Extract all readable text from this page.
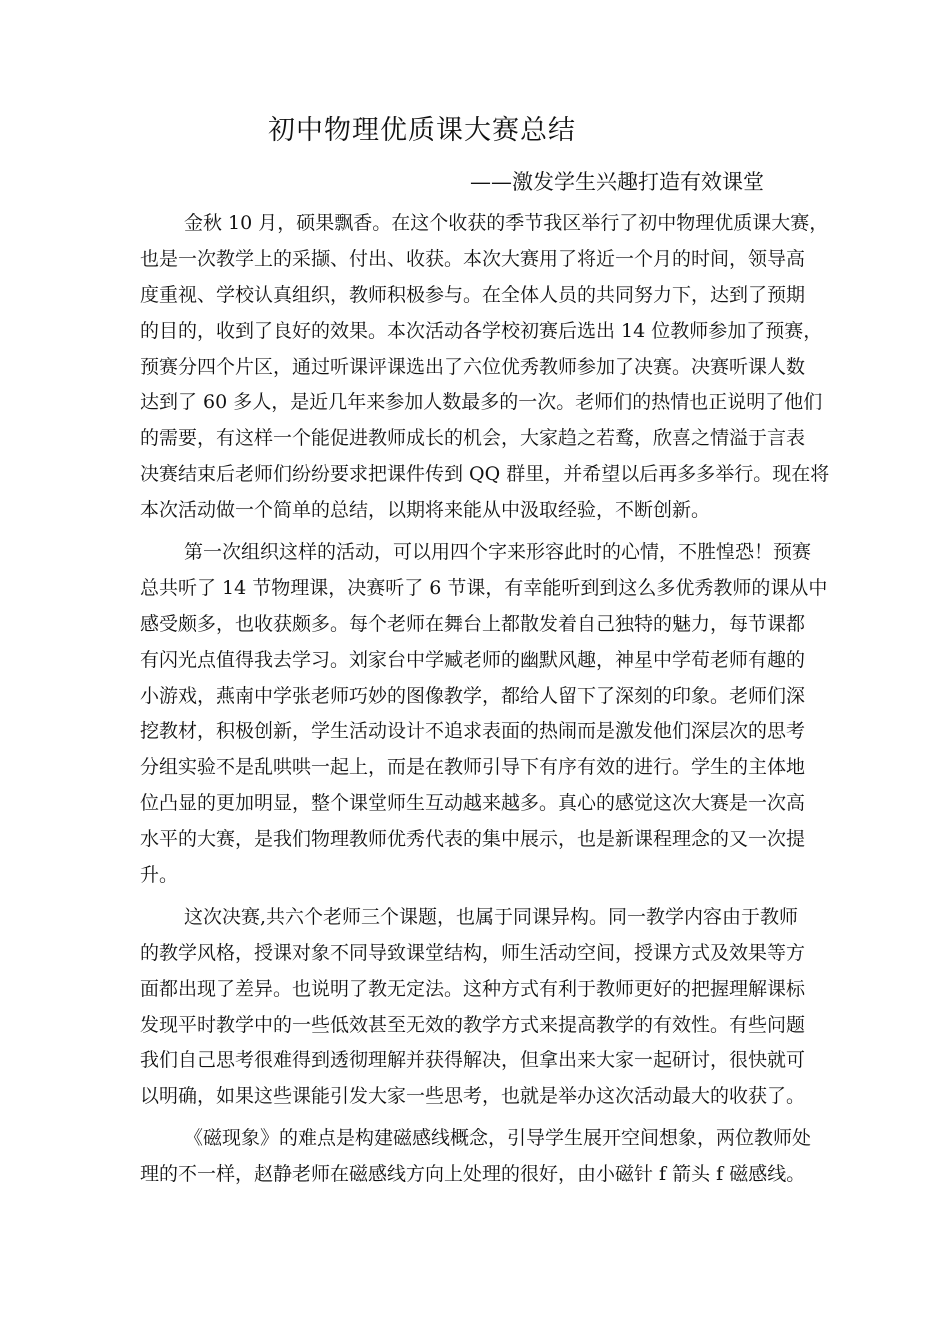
初中物理优质课大赛总结
——激发学生兴趣打造有效课堂
金秋 10 月，硕果飘香。在这个收获的季节我区举行了初中物理优质课大赛，
也是一次教学上的采撷、付出、收获。本次大赛用了将近一个月的时间，领导高
度重视、学校认真组织，教师积极参与。在全体人员的共同努力下，达到了预期
的目的，收到了良好的效果。本次活动各学校初赛后选出 14 位教师参加了预赛，
预赛分四个片区，通过听课评课选出了六位优秀教师参加了决赛。决赛听课人数
达到了 60 多人，是近几年来参加人数最多的一次。老师们的热情也正说明了他们
的需要，有这样一个能促进教师成长的机会，大家趋之若鹜，欣喜之情溢于言表
决赛结束后老师们纷纷要求把课件传到 QQ 群里，并希望以后再多多举行。现在将
本次活动做一个简单的总结，以期将来能从中汲取经验，不断创新。
第一次组织这样的活动，可以用四个字来形容此时的心情，不胜惶恐！预赛
总共听了 14 节物理课，决赛听了 6 节课，有幸能听到到这么多优秀教师的课从中
感受颇多，也收获颇多。每个老师在舞台上都散发着自己独特的魅力，每节课都
有闪光点值得我去学习。刘家台中学臧老师的幽默风趣，神星中学荀老师有趣的
小游戏，燕南中学张老师巧妙的图像教学，都给人留下了深刻的印象。老师们深
挖教材，积极创新，学生活动设计不追求表面的热闹而是激发他们深层次的思考
分组实验不是乱哄哄一起上，而是在教师引导下有序有效的进行。学生的主体地
位凸显的更加明显，整个课堂师生互动越来越多。真心的感觉这次大赛是一次高
水平的大赛，是我们物理教师优秀代表的集中展示，也是新课程理念的又一次提
升。
这次决赛,共六个老师三个课题，也属于同课异构。同一教学内容由于教师
的教学风格，授课对象不同导致课堂结构，师生活动空间，授课方式及效果等方
面都出现了差异。也说明了教无定法。这种方式有利于教师更好的把握理解课标
发现平时教学中的一些低效甚至无效的教学方式来提高教学的有效性。有些问题
我们自己思考很难得到透彻理解并获得解决，但拿出来大家一起研讨，很快就可
以明确，如果这些课能引发大家一些思考，也就是举办这次活动最大的收获了。
《磁现象》的难点是构建磁感线概念，引导学生展开空间想象，两位教师处
理的不一样，赵静老师在磁感线方向上处理的很好，由小磁针 f 箭头 f 磁感线。
